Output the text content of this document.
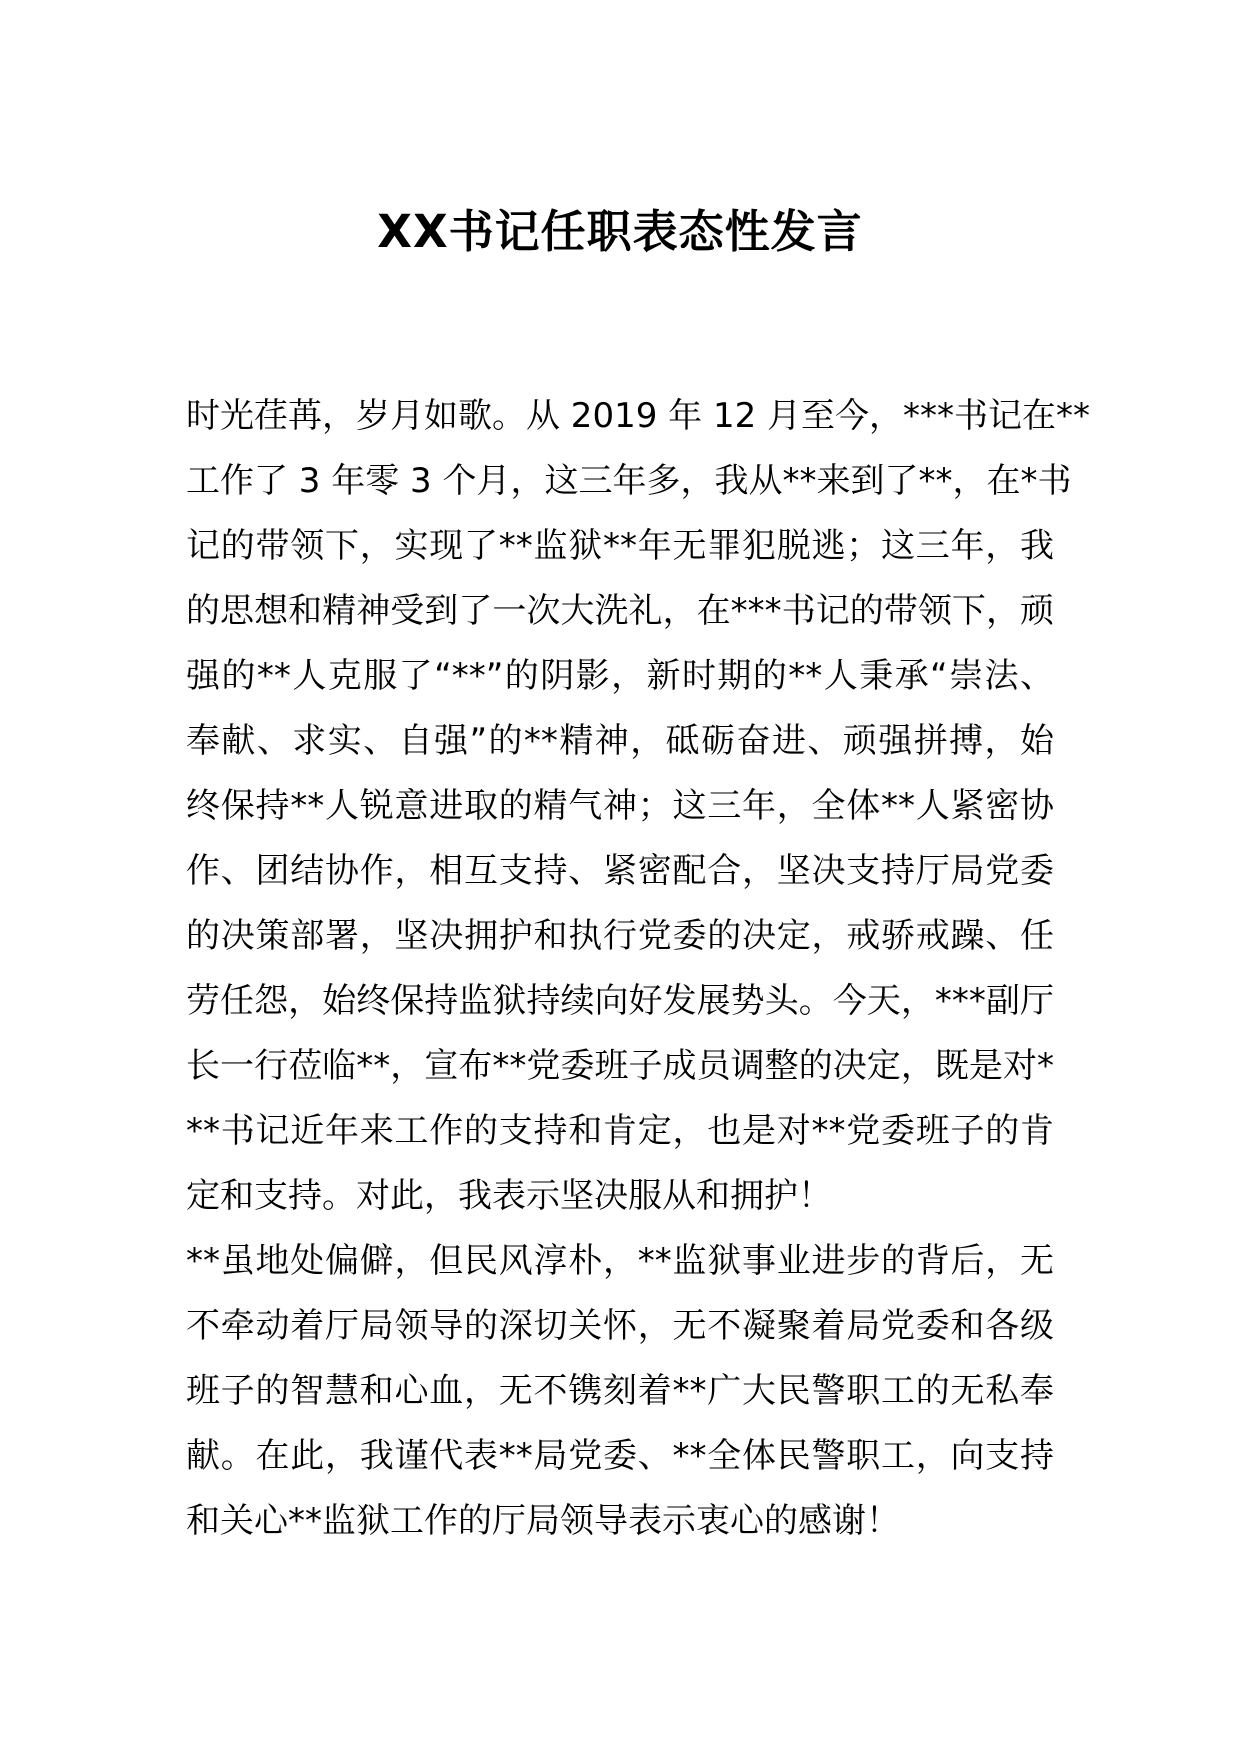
XX书记任职表态性发言
时光荏苒，岁月如歌。从 2019 年 12 月至今，***书记在**
工作了 3 年零 3 个月，这三年多，我从**来到了**，在*书
记的带领下，实现了**监狱**年无罪犯脱逃；这三年，我
的思想和精神受到了一次大洗礼，在***书记的带领下，顽
强的**人克服了“**”的阴影，新时期的**人秉承“崇法、
奉献、求实、自强”的**精神，砥砺奋进、顽强拼搏，始
终保持**人锐意进取的精气神；这三年，全体**人紧密协
作、团结协作，相互支持、紧密配合，坚决支持厅局党委
的决策部署，坚决拥护和执行党委的决定，戒骄戒躁、任
劳任怨，始终保持监狱持续向好发展势头。今天，***副厅
长一行莅临**，宣布**党委班子成员调整的决定，既是对*
**书记近年来工作的支持和肯定，也是对**党委班子的肯
定和支持。对此，我表示坚决服从和拥护！
**虽地处偏僻，但民风淳朴，**监狱事业进步的背后，无
不牵动着厅局领导的深切关怀，无不凝聚着局党委和各级
班子的智慧和心血，无不镌刻着**广大民警职工的无私奉
献。在此，我谨代表**局党委、**全体民警职工，向支持
和关心**监狱工作的厅局领导表示衷心的感谢！
